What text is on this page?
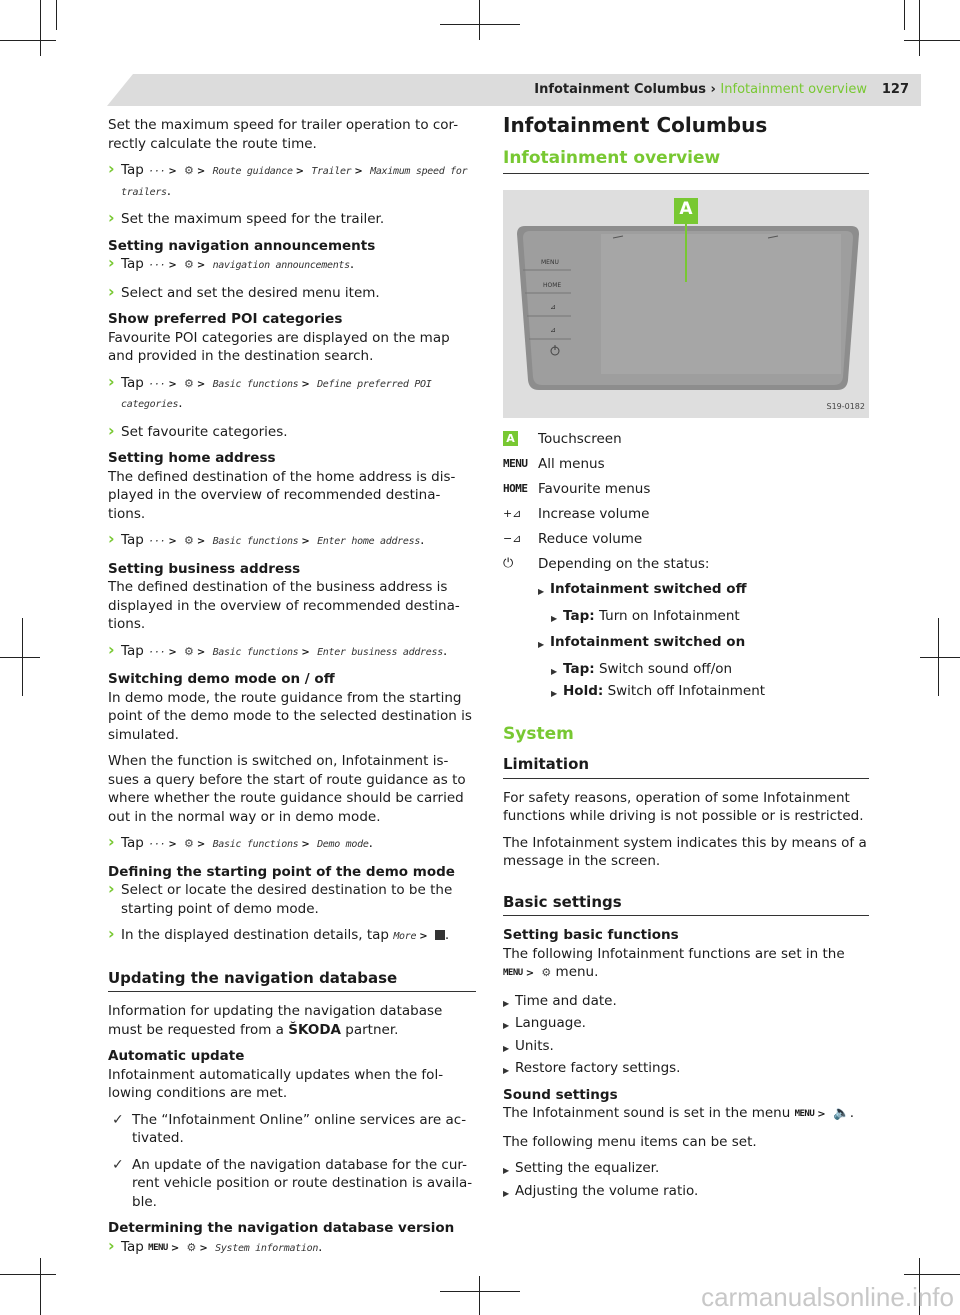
Infotainment Columbus › Infotainment overview 127

Set the maximum speed for trailer operation to cor-rectly calculate the route time.

› Tap ··· > ⚙ > Route guidance > Trailer > Maximum speed for trailers.
› Set the maximum speed for the trailer.
Setting navigation announcements
› Tap ··· > ⚙ > navigation announcements.
› Select and set the desired menu item.
Show preferred POI categories

Favourite POI categories are displayed on the map and provided in the destination search.

› Tap ··· > ⚙ > Basic functions > Define preferred POI categories.
› Set favourite categories.
Setting home address

The defined destination of the home address is dis-played in the overview of recommended destina-tions.

› Tap ··· > ⚙ > Basic functions > Enter home address.
Setting business address

The defined destination of the business address is displayed in the overview of recommended destina-tions.

› Tap ··· > ⚙ > Basic functions > Enter business address.
Switching demo mode on / off

In demo mode, the route guidance from the starting point of the demo mode to the selected destination is simulated.

When the function is switched on, Infotainment is-sues a query before the start of route guidance as to where whether the route guidance should be carried out in the normal way or in demo mode.

› Tap ··· > ⚙ > Basic functions > Demo mode.
Defining the starting point of the demo mode
› Select or locate the desired destination to be the starting point of demo mode.
› In the displayed destination details, tap More > .
Updating the navigation database

Information for updating the navigation database must be requested from a ŠKODA partner.

Automatic update

Infotainment automatically updates when the fol-lowing conditions are met.

✓ The “Infotainment Online” online services are ac-tivated.
✓ An update of the navigation database for the cur-rent vehicle position or route destination is availa-ble.
Determining the navigation database version
› Tap MENU > ⚙ > System information.
Infotainment Columbus
Infotainment overview
A
MENU
HOME
⊿
⊿
S19-0182
A	Touchscreen
MENU All menus
HOME Favourite menus
+⊿	Increase volume
−⊿	Reduce volume
⏻	Depending on the status:
▶ Infotainment switched off
▶ Tap: Turn on Infotainment
▶ Infotainment switched on
▶ Tap: Switch sound off/on
▶ Hold: Switch off Infotainment
System
Limitation

For safety reasons, operation of some Infotainment functions while driving is not possible or is restricted.

The Infotainment system indicates this by means of a message in the screen.

Basic settings
Setting basic functions

The following Infotainment functions are set in the
MENU > ⚙ menu.

▶ Time and date.
▶ Language.
▶ Units.
▶ Restore factory settings.
Sound settings

The Infotainment sound is set in the menu MENU > 🔈.

The following menu items can be set.

▶ Setting the equalizer.
▶ Adjusting the volume ratio.
carmanualsonline.info
